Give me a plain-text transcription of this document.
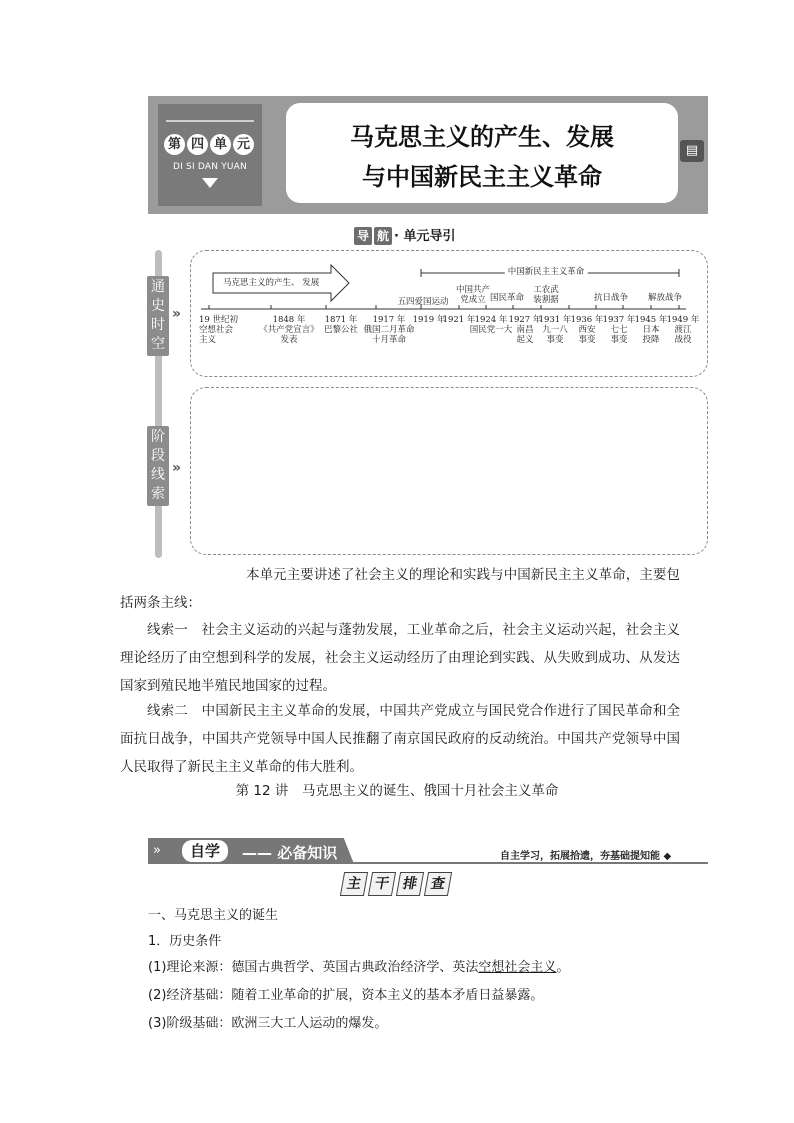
第 四 单 元
DI SI DAN YUAN
马克思主义的产生、发展
与中国新民主主义革命
▤
导 航 · 单元导引
通
史
时
空
»
阶
段
线
索
»
马克思主义的产生、 发展
中国新民主主义革命
五四爱国运动
中国共产
党成立 国民革命
工农武
装割据	抗日战争 解放战争
19 世纪初
空想社会
主义
1848 年
《共产党宣言》
发表
1871 年
巴黎公社
1917 年
俄国二月革命
十月革命
1919 年
1921 年 1924 年
国民党一大
1927 年
南昌
起义
1931 年
九一八
事变
1936 年
西安
事变
1937 年
七七
事变
1945 年
日本
投降
1949 年
渡江
战役
本单元主要讲述了社会主义的理论和实践与中国新民主主义革命，主要包括两条主线：
线索一　社会主义运动的兴起与蓬勃发展，工业革命之后，社会主义运动兴起，社会主义理论经历了由空想到科学的发展，社会主义运动经历了由理论到实践、从失败到成功、从发达国家到殖民地半殖民地国家的过程。
线索二　中国新民主主义革命的发展，中国共产党成立与国民党合作进行了国民革命和全面抗日战争，中国共产党领导中国人民推翻了南京国民政府的反动统治。中国共产党领导中国人民取得了新民主主义革命的伟大胜利。
第 12 讲　马克思主义的诞生、俄国十月社会主义革命
»	自学	—— 必备知识	自主学习，拓展拾遗，夯基础提知能 ◆
主 干 排 查
一、马克思主义的诞生
1．历史条件
(1)理论来源：德国古典哲学、英国古典政治经济学、英法空想社会主义。
(2)经济基础：随着工业革命的扩展，资本主义的基本矛盾日益暴露。
(3)阶级基础：欧洲三大工人运动的爆发。
